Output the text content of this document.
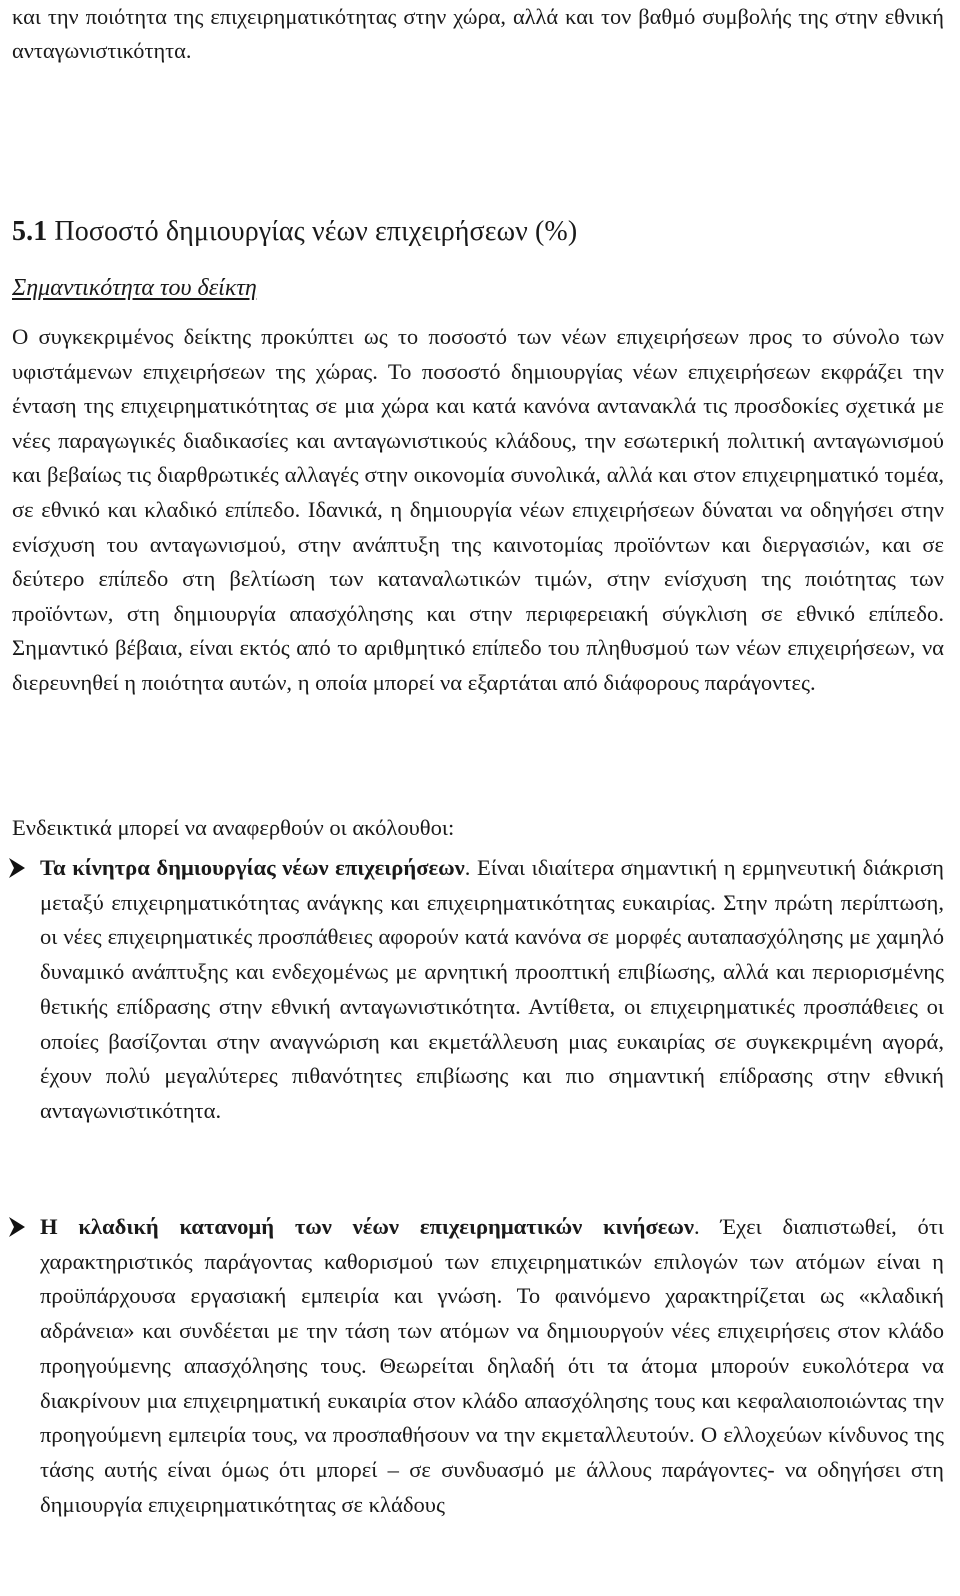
και την ποιότητα της επιχειρηματικότητας στην χώρα, αλλά και τον βαθμό συμβολής της στην εθνική ανταγωνιστικότητα.

5.1 Ποσοστό δημιουργίας νέων επιχειρήσεων (%)
Σημαντικότητα του δείκτη

Ο συγκεκριμένος δείκτης προκύπτει ως το ποσοστό των νέων επιχειρήσεων προς το σύνολο των υφιστάμενων επιχειρήσεων της χώρας. Το ποσοστό δημιουργίας νέων επιχειρήσεων εκφράζει την ένταση της επιχειρηματικότητας σε μια χώρα και κατά κανόνα αντανακλά τις προσδοκίες σχετικά με νέες παραγωγικές διαδικασίες και ανταγωνιστικούς κλάδους, την εσωτερική πολιτική ανταγωνισμού και βεβαίως τις διαρθρωτικές αλλαγές στην οικονομία συνολικά, αλλά και στον επιχειρηματικό τομέα, σε εθνικό και κλαδικό επίπεδο. Ιδανικά, η δημιουργία νέων επιχειρήσεων δύναται να οδηγήσει στην ενίσχυση του ανταγωνισμού, στην ανάπτυξη της καινοτομίας προϊόντων και διεργασιών, και σε δεύτερο επίπεδο στη βελτίωση των καταναλωτικών τιμών, στην ενίσχυση της ποιότητας των προϊόντων, στη δημιουργία απασχόλησης και στην περιφερειακή σύγκλιση σε εθνικό επίπεδο. Σημαντικό βέβαια, είναι εκτός από το αριθμητικό επίπεδο του πληθυσμού των νέων επιχειρήσεων, να διερευνηθεί η ποιότητα αυτών, η οποία μπορεί να εξαρτάται από διάφορους παράγοντες.

Ενδεικτικά μπορεί να αναφερθούν οι ακόλουθοι:

Τα κίνητρα δημιουργίας νέων επιχειρήσεων. Είναι ιδιαίτερα σημαντική η ερμηνευτική διάκριση μεταξύ επιχειρηματικότητας ανάγκης και επιχειρηματικότητας ευκαιρίας. Στην πρώτη περίπτωση, οι νέες επιχειρηματικές προσπάθειες αφορούν κατά κανόνα σε μορφές αυταπασχόλησης με χαμηλό δυναμικό ανάπτυξης και ενδεχομένως με αρνητική προοπτική επιβίωσης, αλλά και περιορισμένης θετικής επίδρασης στην εθνική ανταγωνιστικότητα. Αντίθετα, οι επιχειρηματικές προσπάθειες οι οποίες βασίζονται στην αναγνώριση και εκμετάλλευση μιας ευκαιρίας σε συγκεκριμένη αγορά, έχουν πολύ μεγαλύτερες πιθανότητες επιβίωσης και πιο σημαντική επίδρασης στην εθνική ανταγωνιστικότητα.
Η κλαδική κατανομή των νέων επιχειρηματικών κινήσεων. Έχει διαπιστωθεί, ότι χαρακτηριστικός παράγοντας καθορισμού των επιχειρηματικών επιλογών των ατόμων είναι η προϋπάρχουσα εργασιακή εμπειρία και γνώση. Το φαινόμενο χαρακτηρίζεται ως «κλαδική αδράνεια» και συνδέεται με την τάση των ατόμων να δημιουργούν νέες επιχειρήσεις στον κλάδο προηγούμενης απασχόλησης τους. Θεωρείται δηλαδή ότι τα άτομα μπορούν ευκολότερα να διακρίνουν μια επιχειρηματική ευκαιρία στον κλάδο απασχόλησης τους και κεφαλαιοποιώντας την προηγούμενη εμπειρία τους, να προσπαθήσουν να την εκμεταλλευτούν. Ο ελλοχεύων κίνδυνος της τάσης αυτής είναι όμως ότι μπορεί – σε συνδυασμό με άλλους παράγοντες- να οδηγήσει στη δημιουργία επιχειρηματικότητας σε κλάδους
